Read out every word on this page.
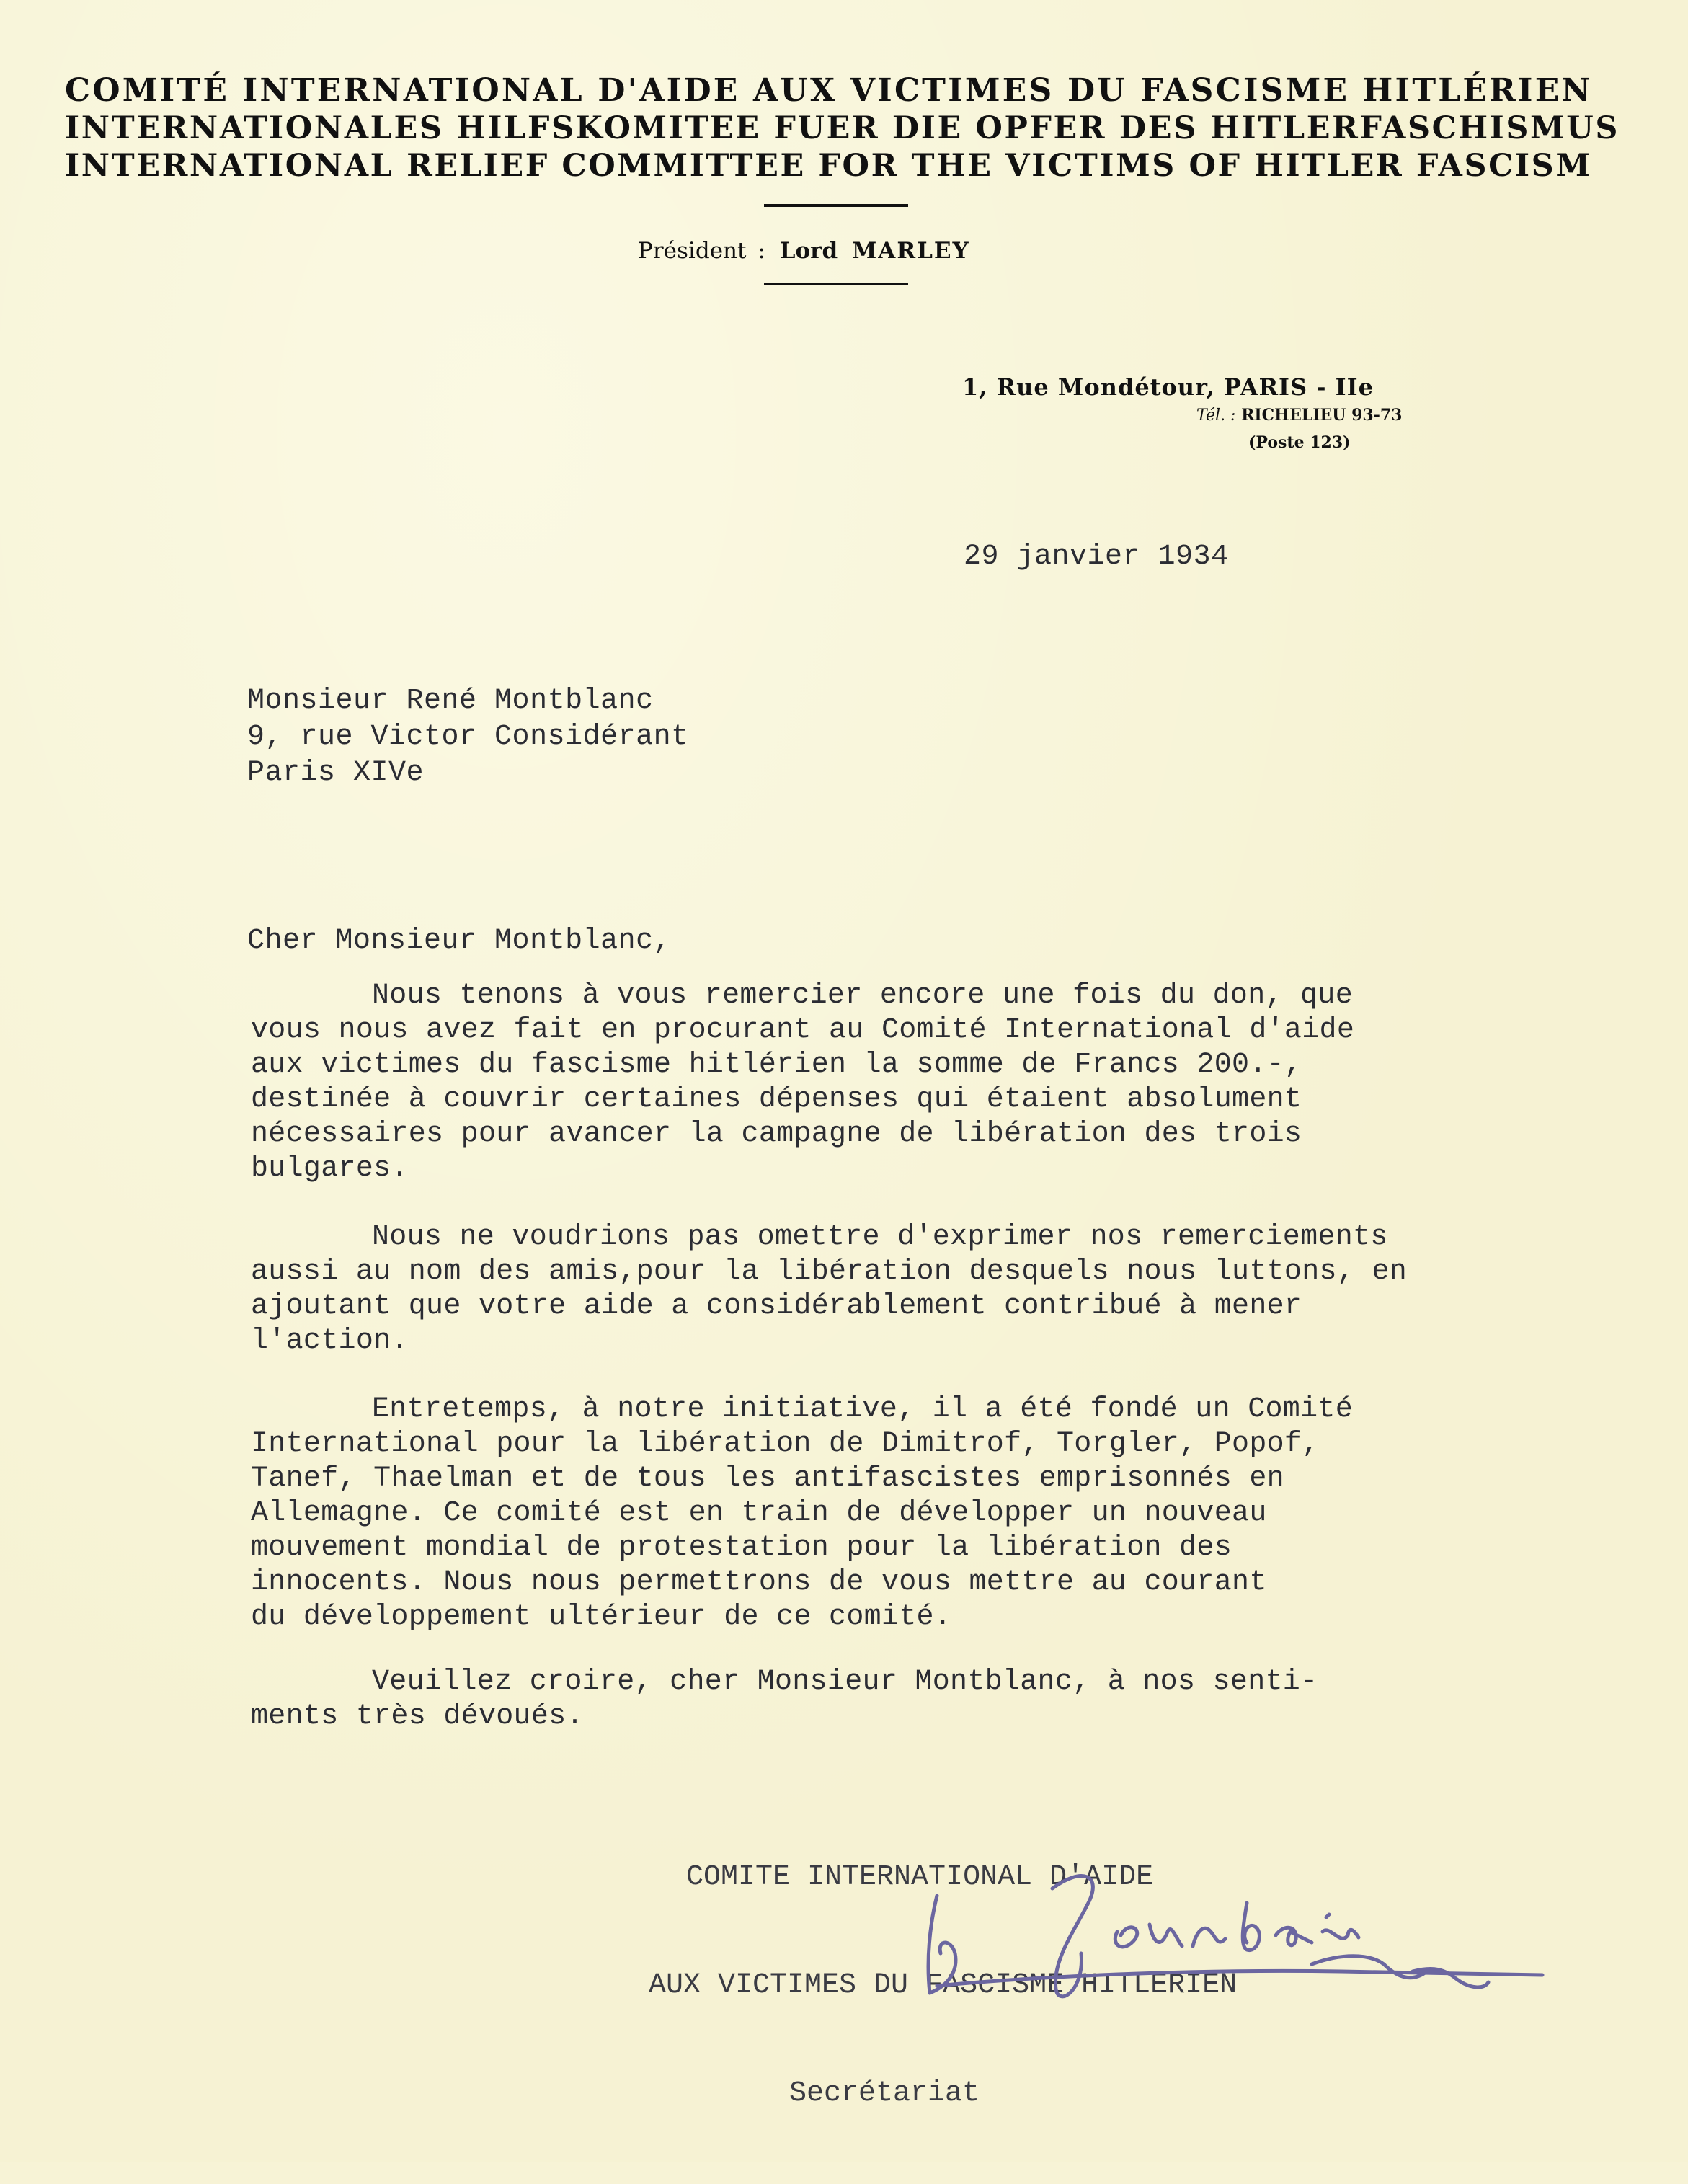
COMITÉ INTERNATIONAL D'AIDE AUX VICTIMES DU FASCISME HITLÉRIEN
INTERNATIONALES HILFSKOMITEE FUER DIE OPFER DES HITLERFASCHISMUS
INTERNATIONAL RELIEF COMMITTEE FOR THE VICTIMS OF HITLER FASCISM
Président : Lord MARLEY
1, Rue Mondétour, PARIS - IIe
Tél. : RICHELIEU 93-73
(Poste 123)
29 janvier 1934
Monsieur René Montblanc
9, rue Victor Considérant
Paris XIVe
Cher Monsieur Montblanc,
Nous tenons à vous remercier encore une fois du don, que
vous nous avez fait en procurant au Comité International d'aide
aux victimes du fascisme hitlérien la somme de Francs 200.-,
destinée à couvrir certaines dépenses qui étaient absolument
nécessaires pour avancer la campagne de libération des trois
bulgares.
Nous ne voudrions pas omettre d'exprimer nos remerciements
aussi au nom des amis,pour la libération desquels nous luttons, en
ajoutant que votre aide a considérablement contribué à mener
l'action.
Entretemps, à notre initiative, il a été fondé un Comité
International pour la libération de Dimitrof, Torgler, Popof,
Tanef, Thaelman et de tous les antifascistes emprisonnés en
Allemagne. Ce comité est en train de développer un nouveau
mouvement mondial de protestation pour la libération des
innocents. Nous nous permettrons de vous mettre au courant
du développement ultérieur de ce comité.
Veuillez croire, cher Monsieur Montblanc, à nos senti-
ments très dévoués.

COMITE INTERNATIONAL D'AIDE

AUX VICTIMES DU FASCISME HITLERIEN

Secrétariat
